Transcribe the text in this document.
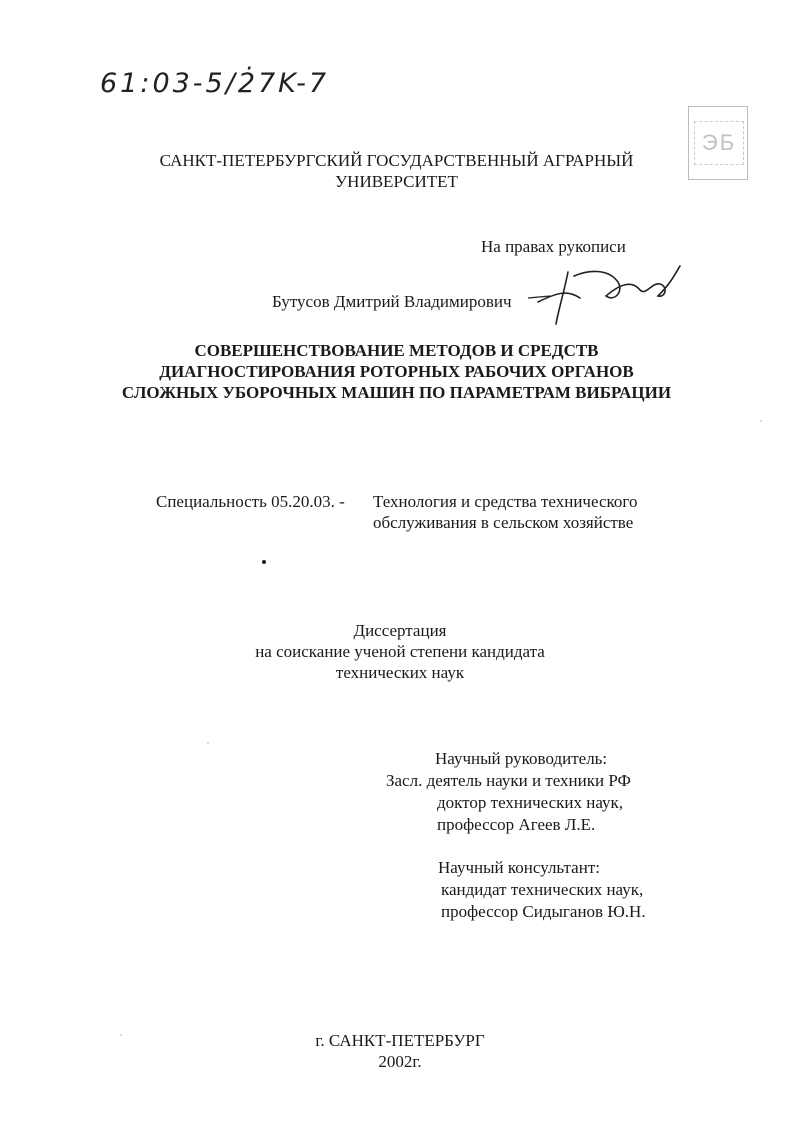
61:03-5/2̇7K-7
ЭБ
САНКТ-ПЕТЕРБУРГСКИЙ ГОСУДАРСТВЕННЫЙ АГРАРНЫЙ
УНИВЕРСИТЕТ
На правах рукописи
Бутусов Дмитрий Владимирович
СОВЕРШЕНСТВОВАНИЕ МЕТОДОВ И СРЕДСТВ
ДИАГНОСТИРОВАНИЯ РОТОРНЫХ РАБОЧИХ ОРГАНОВ
СЛОЖНЫХ УБОРОЧНЫХ МАШИН ПО ПАРАМЕТРАМ ВИБРАЦИИ
Специальность 05.20.03. - Технология и средства технического
обслуживания в сельском хозяйстве
Диссертация
на соискание ученой степени кандидата
технических наук
Научный руководитель:
Засл. деятель науки и техники РФ
доктор технических наук,
профессор Агеев Л.Е.
Научный консультант:
кандидат технических наук,
профессор Сидыганов Ю.Н.
г. САНКТ-ПЕТЕРБУРГ
2002г.
